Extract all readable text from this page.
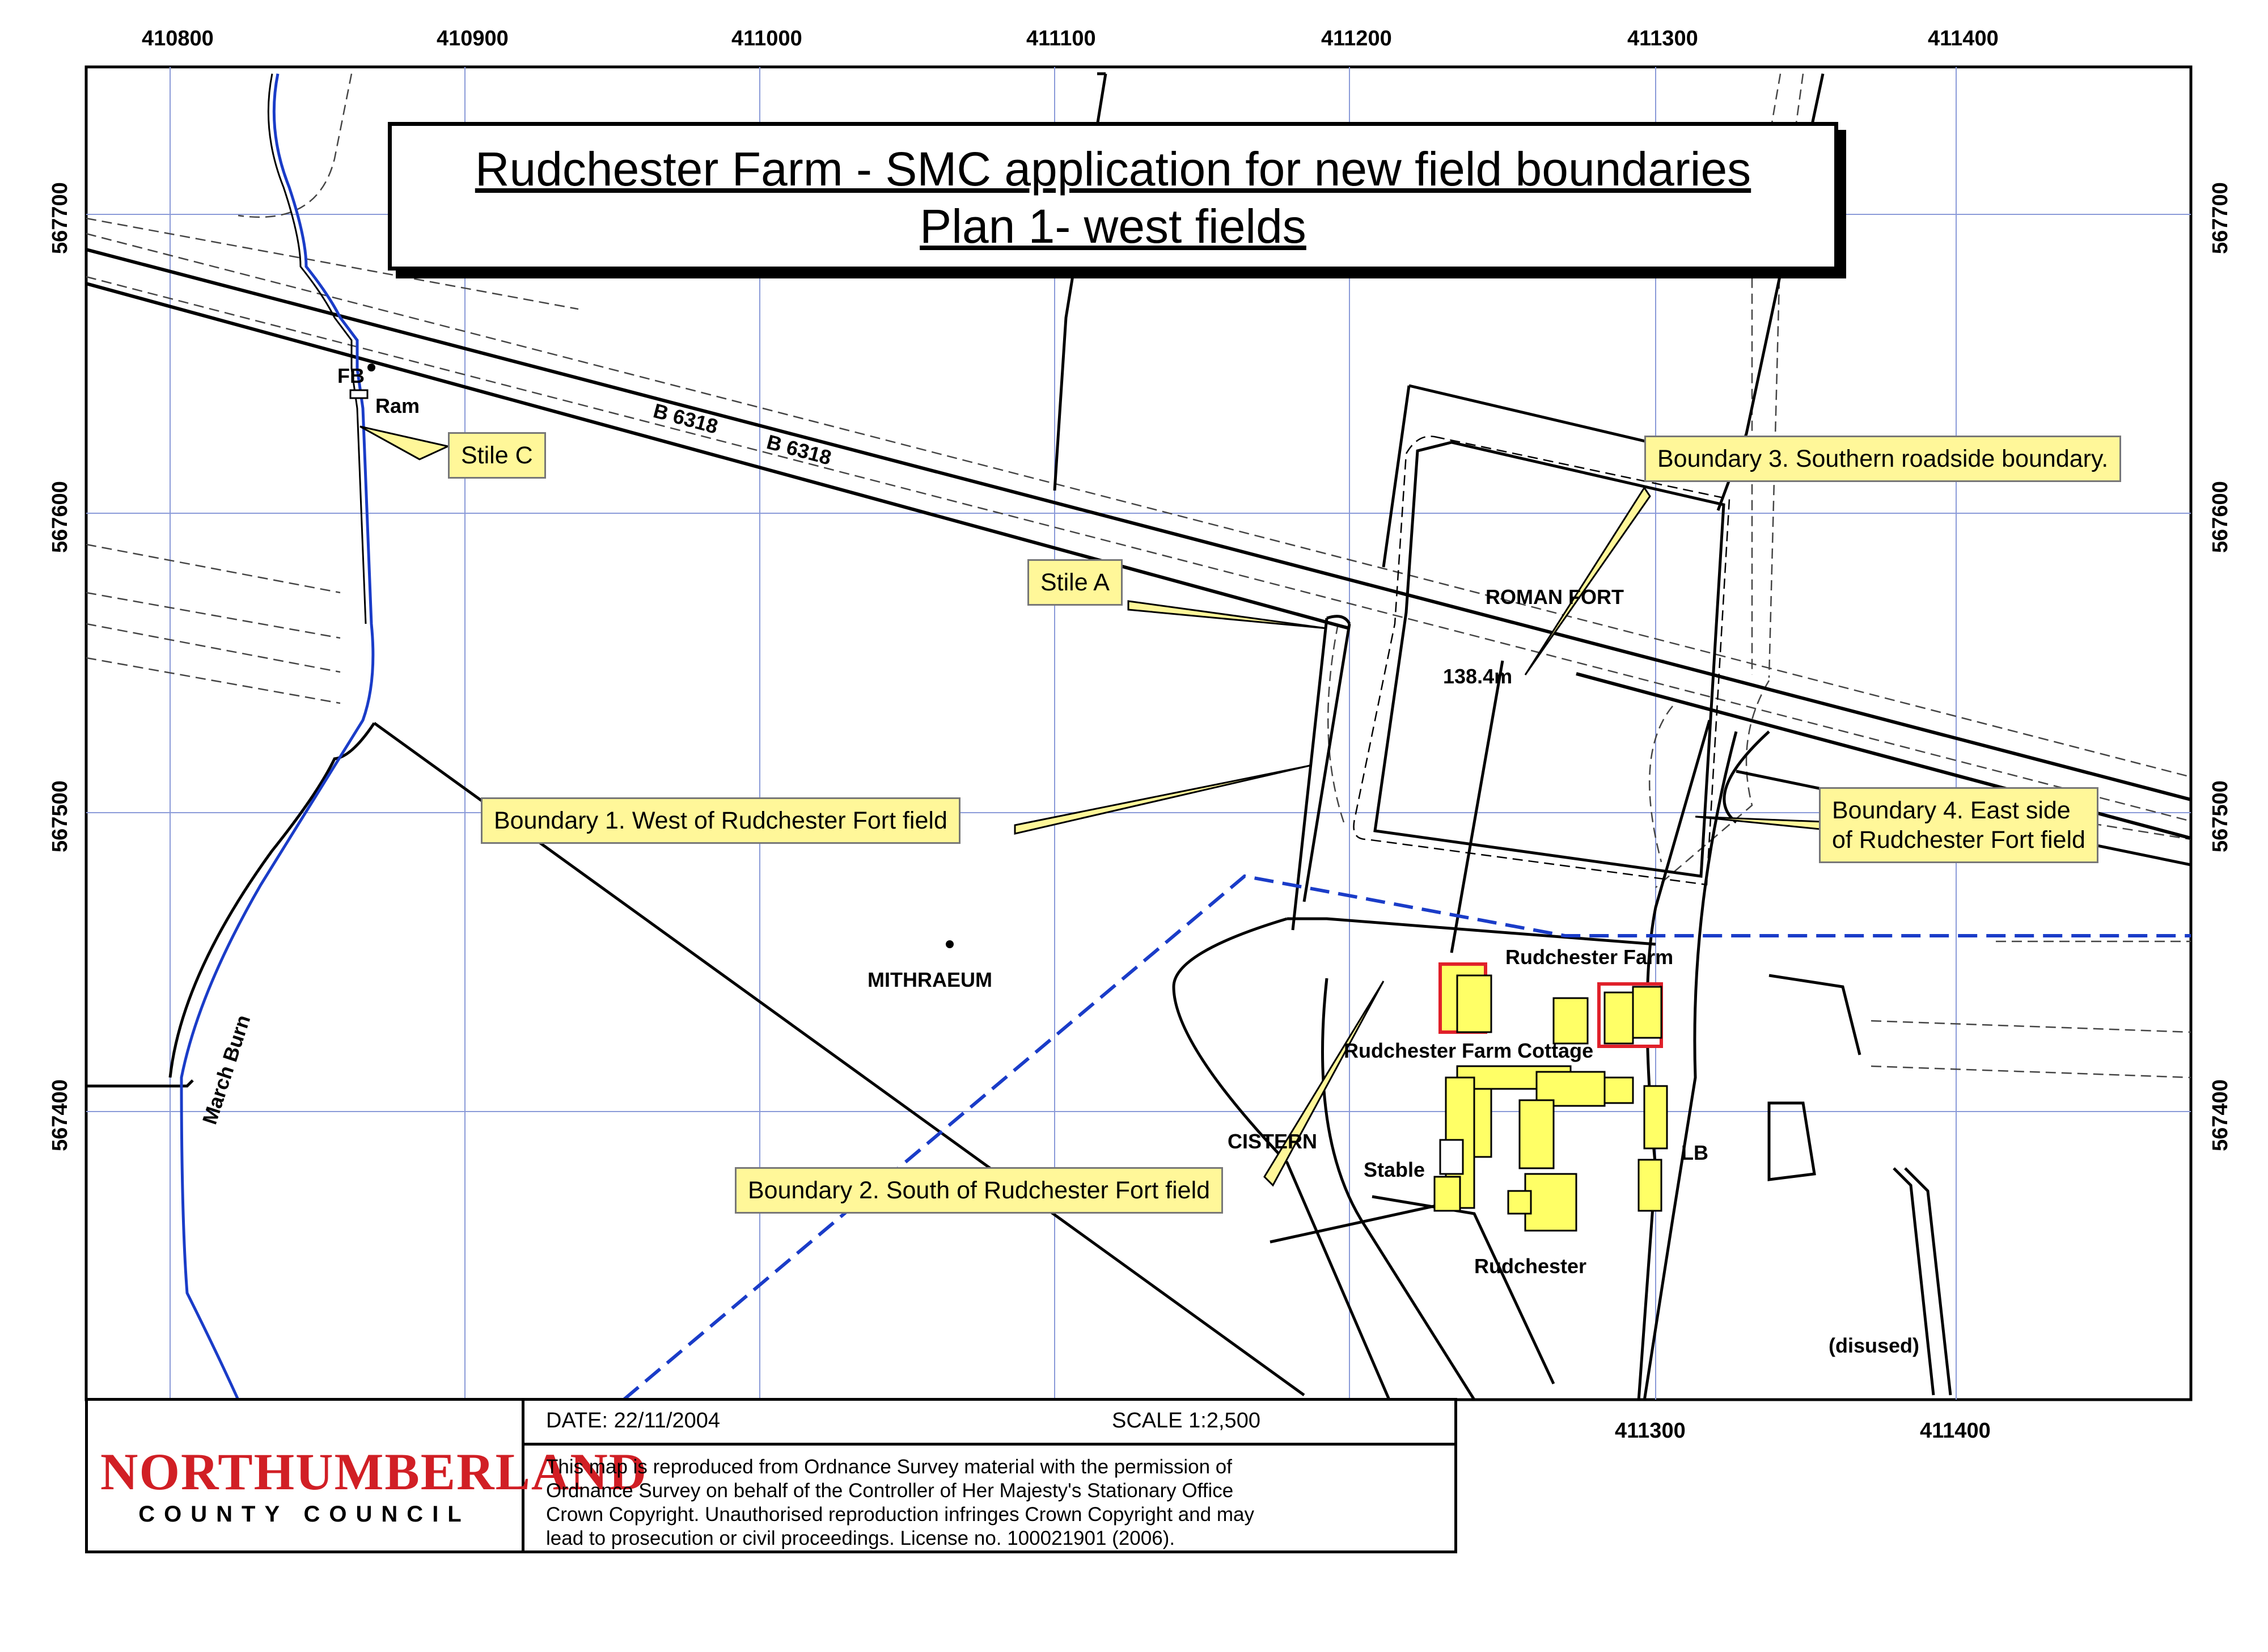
410800	410900	411000	411100	411200	411300	411400
411300	411400
567700
567600
567500
567400
567700
567600
567500
567400
FB
Ram	B 6318
B 6318
ROMAN FORT
138.4m
MITHRAEUM
March Burn
Rudchester Farm
Rudchester Farm Cottage
CISTERN
Stable
LB
Rudchester
(disused)
Rudchester Farm - SMC application for new field boundaries
Plan 1- west fields
Stile C
Stile A
Boundary 1. West of Rudchester Fort field
Boundary 2. South of Rudchester Fort field
Boundary 3. Southern roadside boundary.
Boundary 4. East side
of Rudchester Fort field
NORTHUMBERLAND
COUNTY COUNCIL
DATE: 22/11/2004	SCALE 1:2,500
This map is reproduced from Ordnance Survey material with the permission of Ordnance Survey on behalf of the Controller of Her Majesty's Stationary Office Crown Copyright. Unauthorised reproduction infringes Crown Copyright and may lead to prosecution or civil proceedings. License no. 100021901 (2006).
